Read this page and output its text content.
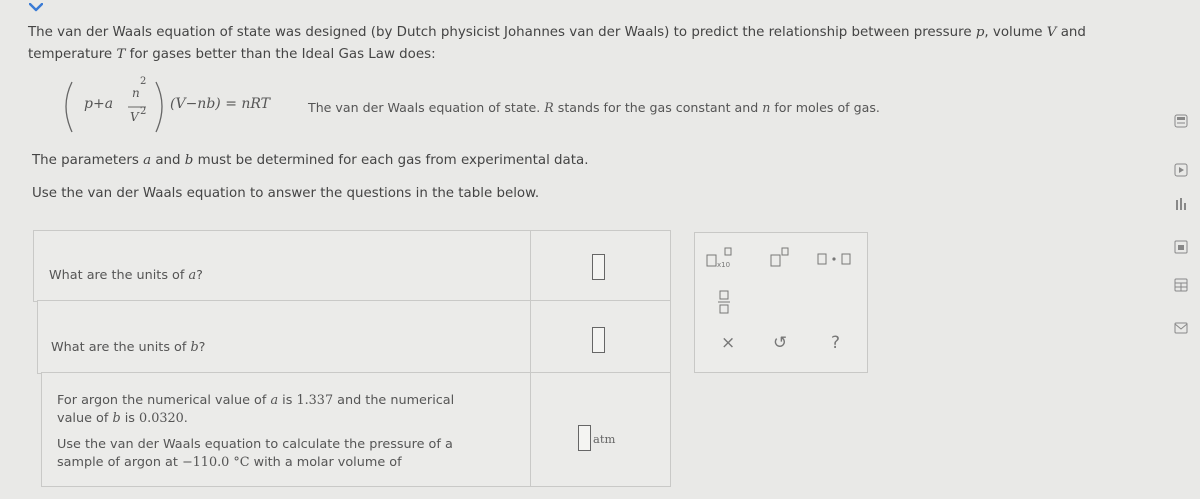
The van der Waals equation of state was designed (by Dutch physicist Johannes van der Waals) to predict the relationship between pressure p, volume V and temperature T for gases better than the Ideal Gas Law does:
p+a
2
n
V 2 (V−nb) = nRT	The van der Waals equation of state. R stands for the gas constant and n for moles of gas.
The parameters a and b must be determined for each gas from experimental data.
Use the van der Waals equation to answer the questions in the table below.
What are the units of a?
What are the units of b?
For argon the numerical value of a is 1.337 and the numerical
value of b is 0.0320.
Use the van der Waals equation to calculate the pressure of a
sample of argon at −110.0 °C with a molar volume of
atm
x10
× ↺	?
